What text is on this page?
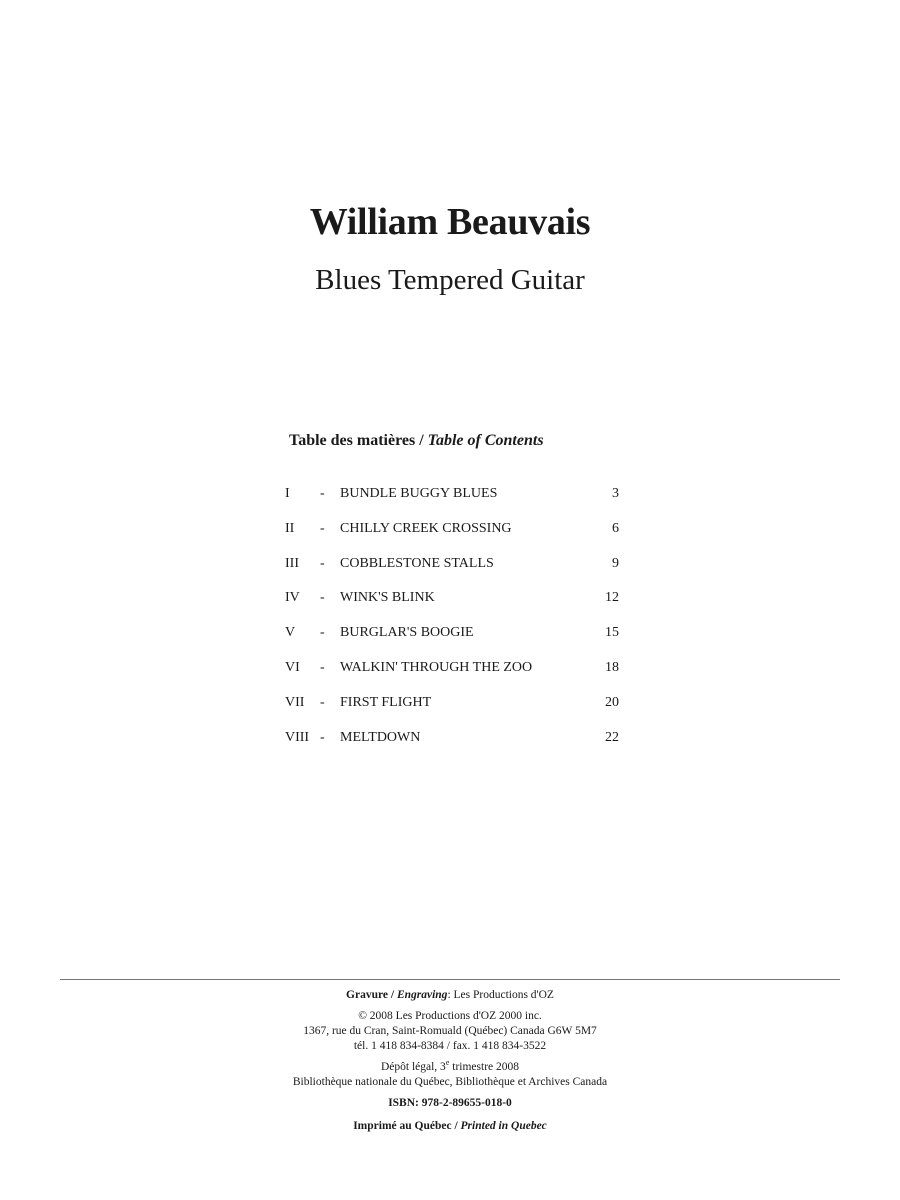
William Beauvais
Blues Tempered Guitar
Table des matières / Table of Contents
I - BUNDLE BUGGY BLUES	3
II - CHILLY CREEK CROSSING	6
III - COBBLESTONE STALLS	9
IV - WINK'S BLINK	12
V - BURGLAR'S BOOGIE	15
VI - WALKIN' THROUGH THE ZOO	18
VII - FIRST FLIGHT	20
VIII - MELTDOWN	22

Gravure / Engraving: Les Productions d'OZ

© 2008 Les Productions d'OZ 2000 inc.

1367, rue du Cran, Saint-Romuald (Québec) Canada G6W 5M7

tél. 1 418 834-8384 / fax. 1 418 834-3522

Dépôt légal, 3e trimestre 2008

Bibliothèque nationale du Québec, Bibliothèque et Archives Canada

ISBN: 978-2-89655-018-0

Imprimé au Québec / Printed in Quebec
